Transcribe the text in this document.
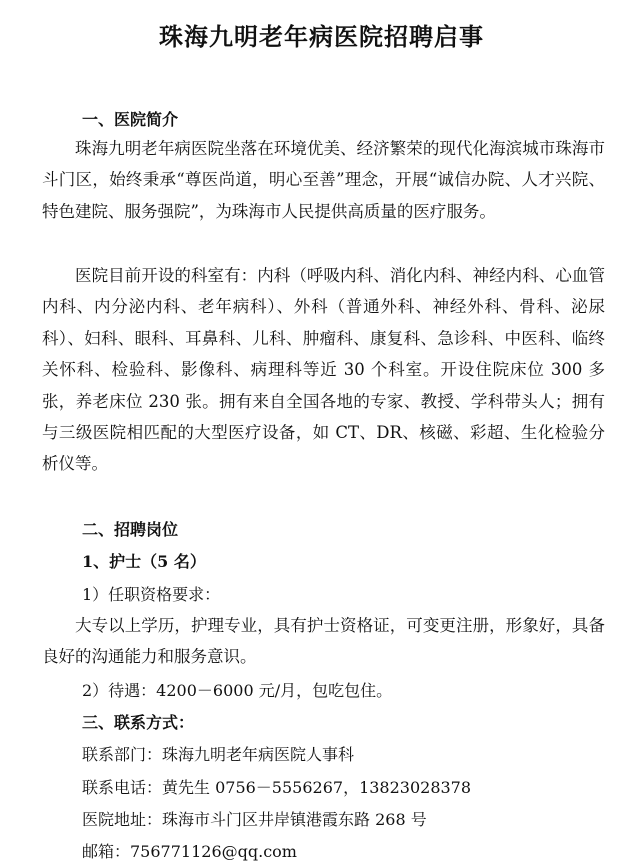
珠海九明老年病医院招聘启事
一、医院简介

珠海九明老年病医院坐落在环境优美、经济繁荣的现代化海滨城市珠海市斗门区，始终秉承“尊医尚道，明心至善”理念，开展“诚信办院、人才兴院、特色建院、服务强院”，为珠海市人民提供高质量的医疗服务。

医院目前开设的科室有：内科（呼吸内科、消化内科、神经内科、心血管内科、内分泌内科、老年病科）、外科（普通外科、神经外科、骨科、泌尿科）、妇科、眼科、耳鼻科、儿科、肿瘤科、康复科、急诊科、中医科、临终关怀科、检验科、影像科、病理科等近 30 个科室。开设住院床位 300 多张，养老床位 230 张。拥有来自全国各地的专家、教授、学科带头人；拥有与三级医院相匹配的大型医疗设备，如 CT、DR、核磁、彩超、生化检验分析仪等。

二、招聘岗位
1、护士（5 名）
1）任职资格要求：

大专以上学历，护理专业，具有护士资格证，可变更注册，形象好，具备良好的沟通能力和服务意识。

2）待遇：4200－6000 元/月，包吃包住。
三、联系方式：
联系部门：珠海九明老年病医院人事科
联系电话：黄先生 0756－5556267，13823028378
医院地址：珠海市斗门区井岸镇港霞东路 268 号
邮箱：756771126@qq.com
